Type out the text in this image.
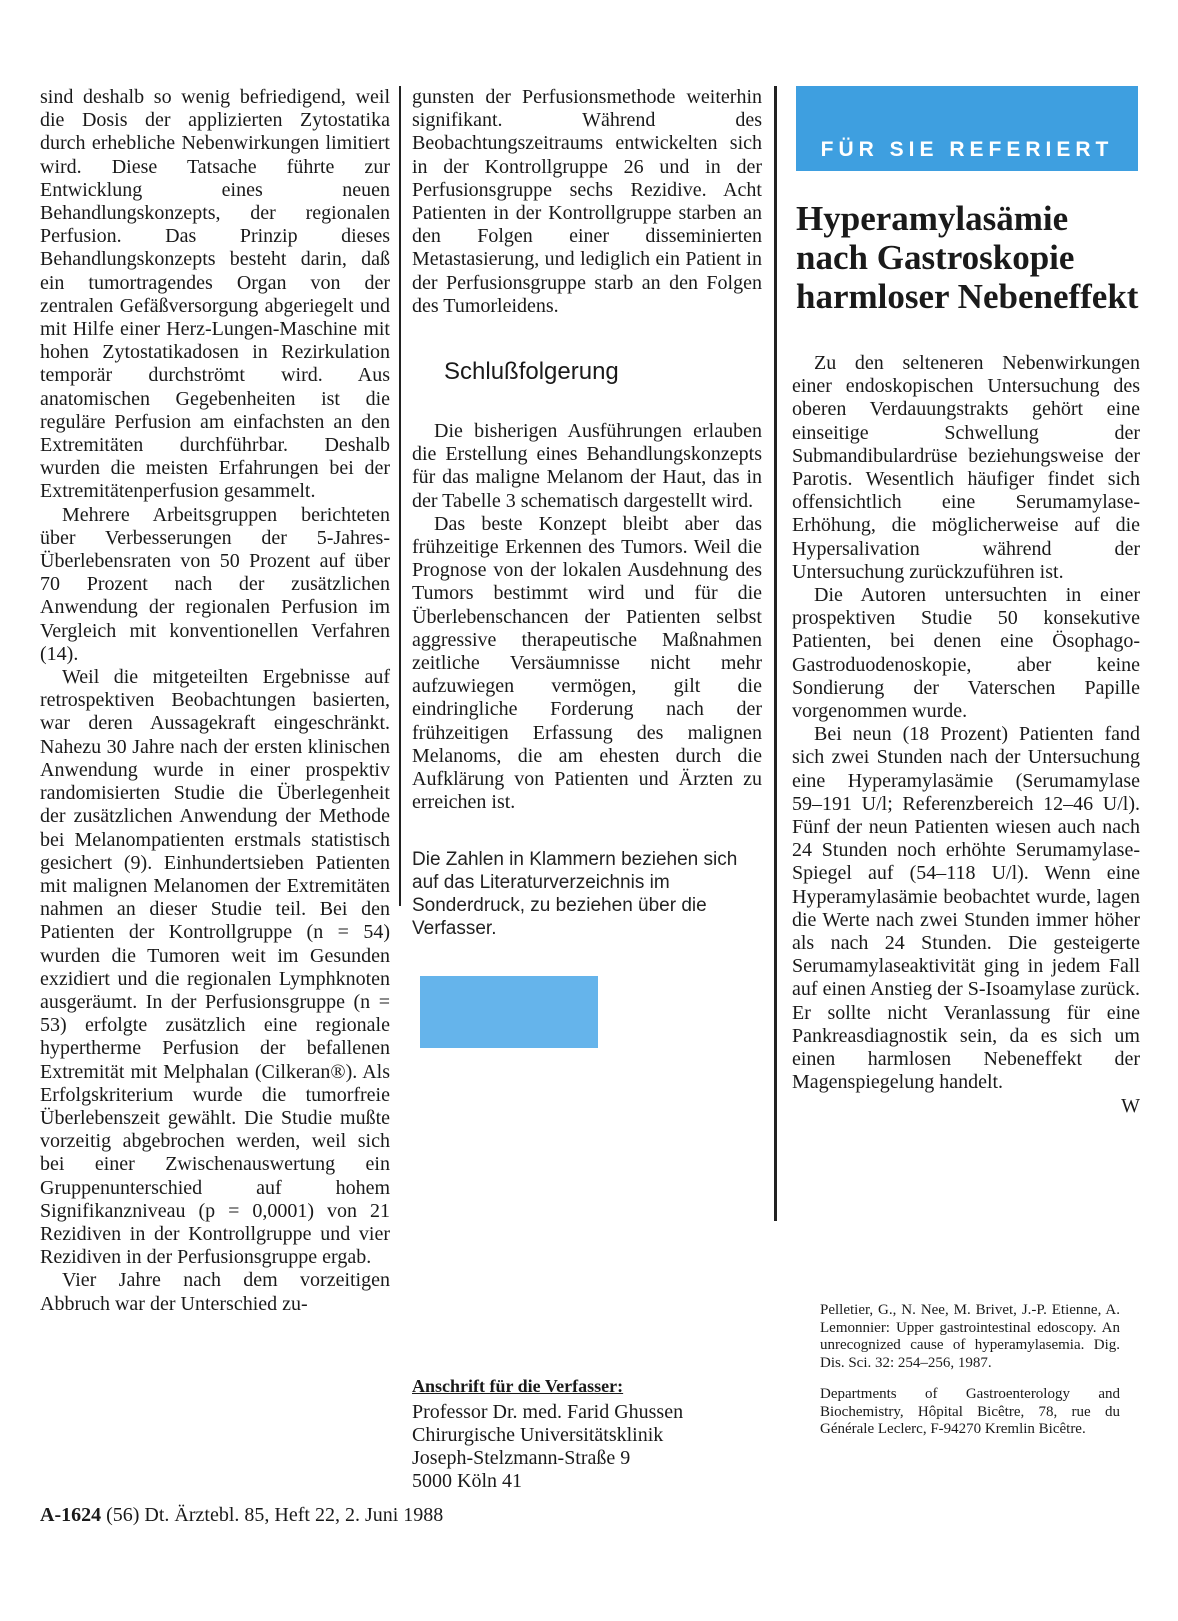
sind deshalb so wenig befriedigend, weil die Dosis der applizierten Zytostatika durch erhebliche Nebenwirkungen limitiert wird. Diese Tatsache führte zur Entwicklung eines neuen Behandlungskonzepts, der regionalen Perfusion. Das Prinzip dieses Behandlungskonzepts besteht darin, daß ein tumortragendes Organ von der zentralen Gefäßversorgung abgeriegelt und mit Hilfe einer Herz-Lungen-Maschine mit hohen Zytostatikadosen in Rezirkulation temporär durchströmt wird. Aus anatomischen Gegebenheiten ist die reguläre Perfusion am einfachsten an den Extremitäten durchführbar. Deshalb wurden die meisten Erfahrungen bei der Extremitätenperfusion gesammelt.

Mehrere Arbeitsgruppen berichteten über Verbesserungen der 5-Jahres-Überlebensraten von 50 Prozent auf über 70 Prozent nach der zusätzlichen Anwendung der regionalen Perfusion im Vergleich mit konventionellen Verfahren (14).

Weil die mitgeteilten Ergebnisse auf retrospektiven Beobachtungen basierten, war deren Aussagekraft eingeschränkt. Nahezu 30 Jahre nach der ersten klinischen Anwendung wurde in einer prospektiv randomisierten Studie die Überlegenheit der zusätzlichen Anwendung der Methode bei Melanompatienten erstmals statistisch gesichert (9). Einhundertsieben Patienten mit malignen Melanomen der Extremitäten nahmen an dieser Studie teil. Bei den Patienten der Kontrollgruppe (n = 54) wurden die Tumoren weit im Gesunden exzidiert und die regionalen Lymphknoten ausgeräumt. In der Perfusionsgruppe (n = 53) erfolgte zusätzlich eine regionale hypertherme Perfusion der befallenen Extremität mit Melphalan (Cilkeran®). Als Erfolgskriterium wurde die tumorfreie Überlebenszeit gewählt. Die Studie mußte vorzeitig abgebrochen werden, weil sich bei einer Zwischenauswertung ein Gruppenunterschied auf hohem Signifikanzniveau (p = 0,0001) von 21 Rezidiven in der Kontrollgruppe und vier Rezidiven in der Perfusionsgruppe ergab.

Vier Jahre nach dem vorzeitigen Abbruch war der Unterschied zu-

gunsten der Perfusionsmethode weiterhin signifikant. Während des Beobachtungszeitraums entwickelten sich in der Kontrollgruppe 26 und in der Perfusionsgruppe sechs Rezidive. Acht Patienten in der Kontrollgruppe starben an den Folgen einer disseminierten Metastasierung, und lediglich ein Patient in der Perfusionsgruppe starb an den Folgen des Tumorleidens.

Schlußfolgerung

Die bisherigen Ausführungen erlauben die Erstellung eines Behandlungskonzepts für das maligne Melanom der Haut, das in der Tabelle 3 schematisch dargestellt wird.

Das beste Konzept bleibt aber das frühzeitige Erkennen des Tumors. Weil die Prognose von der lokalen Ausdehnung des Tumors bestimmt wird und für die Überlebenschancen der Patienten selbst aggressive therapeutische Maßnahmen zeitliche Versäumnisse nicht mehr aufzuwiegen vermögen, gilt die eindringliche Forderung nach der frühzeitigen Erfassung des malignen Melanoms, die am ehesten durch die Aufklärung von Patienten und Ärzten zu erreichen ist.

Die Zahlen in Klammern beziehen sich auf das Literaturverzeichnis im Sonderdruck, zu beziehen über die Verfasser.

Anschrift für die Verfasser:

Professor Dr. med. Farid Ghussen

Chirurgische Universitätsklinik

Joseph-Stelzmann-Straße 9

5000 Köln 41

FÜR SIE REFERIERT
Hyperamylasämie nach Gastroskopie harmloser Nebeneffekt

Zu den selteneren Nebenwirkungen einer endoskopischen Untersuchung des oberen Verdauungstrakts gehört eine einseitige Schwellung der Submandibulardrüse beziehungsweise der Parotis. Wesentlich häufiger findet sich offensichtlich eine Serumamylase-Erhöhung, die möglicherweise auf die Hypersalivation während der Untersuchung zurückzuführen ist.

Die Autoren untersuchten in einer prospektiven Studie 50 konsekutive Patienten, bei denen eine Ösophago-Gastroduodenoskopie, aber keine Sondierung der Vaterschen Papille vorgenommen wurde.

Bei neun (18 Prozent) Patienten fand sich zwei Stunden nach der Untersuchung eine Hyperamylasämie (Serumamylase 59–191 U/l; Referenzbereich 12–46 U/l). Fünf der neun Patienten wiesen auch nach 24 Stunden noch erhöhte Serumamylase-Spiegel auf (54–118 U/l). Wenn eine Hyperamylasämie beobachtet wurde, lagen die Werte nach zwei Stunden immer höher als nach 24 Stunden. Die gesteigerte Serumamylaseaktivität ging in jedem Fall auf einen Anstieg der S-Isoamylase zurück. Er sollte nicht Veranlassung für eine Pankreasdiagnostik sein, da es sich um einen harmlosen Nebeneffekt der Magenspiegelung handelt.

W

Pelletier, G., N. Nee, M. Brivet, J.-P. Etienne, A. Lemonnier: Upper gastrointestinal edoscopy. An unrecognized cause of hyperamylasemia. Dig. Dis. Sci. 32: 254–256, 1987.

Departments of Gastroenterology and Biochemistry, Hôpital Bicêtre, 78, rue du Générale Leclerc, F-94270 Kremlin Bicêtre.

A-1624 (56) Dt. Ärztebl. 85, Heft 22, 2. Juni 1988
